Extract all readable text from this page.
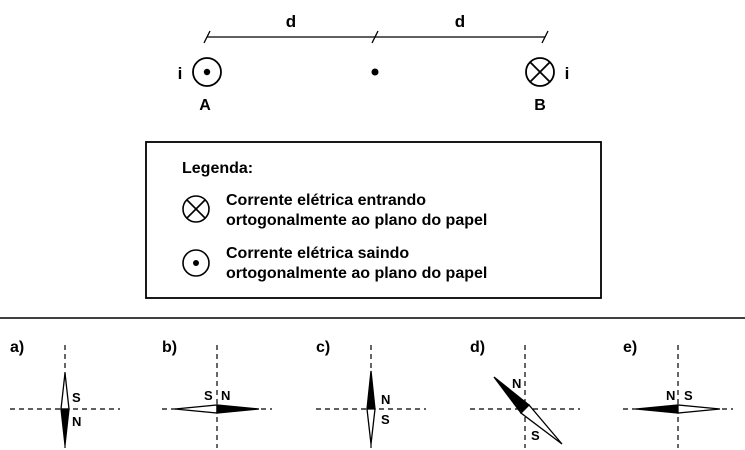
d	d
i
A
i
B
Legenda:
Corrente elétrica entrando
ortogonalmente ao plano do papel
Corrente elétrica saindo
ortogonalmente ao plano do papel
a)
S
N
b)
S N
c)
N
S
d)
N
S
e)
N S
